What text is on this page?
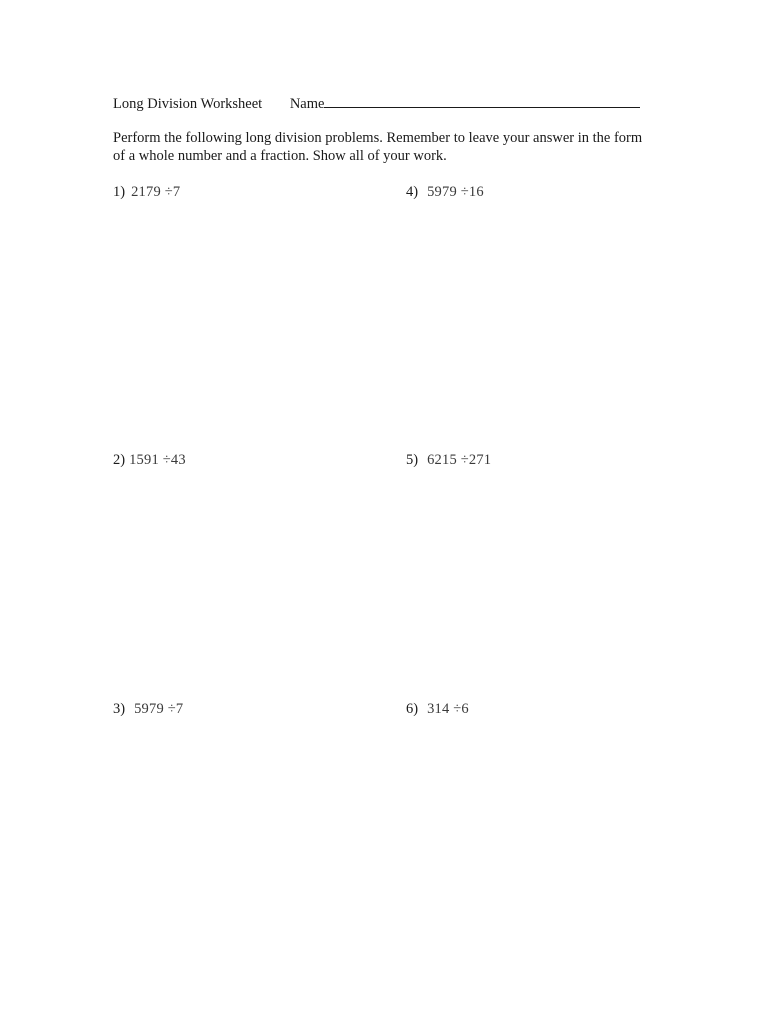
Long Division Worksheet Name
Perform the following long division problems. Remember to leave your answer in the form of a whole number and a fraction. Show all of your work.
1) 2179 ÷7	4) 5979 ÷16
2) 1591 ÷43	5) 6215 ÷271
3) 5979 ÷7	6) 314 ÷6
